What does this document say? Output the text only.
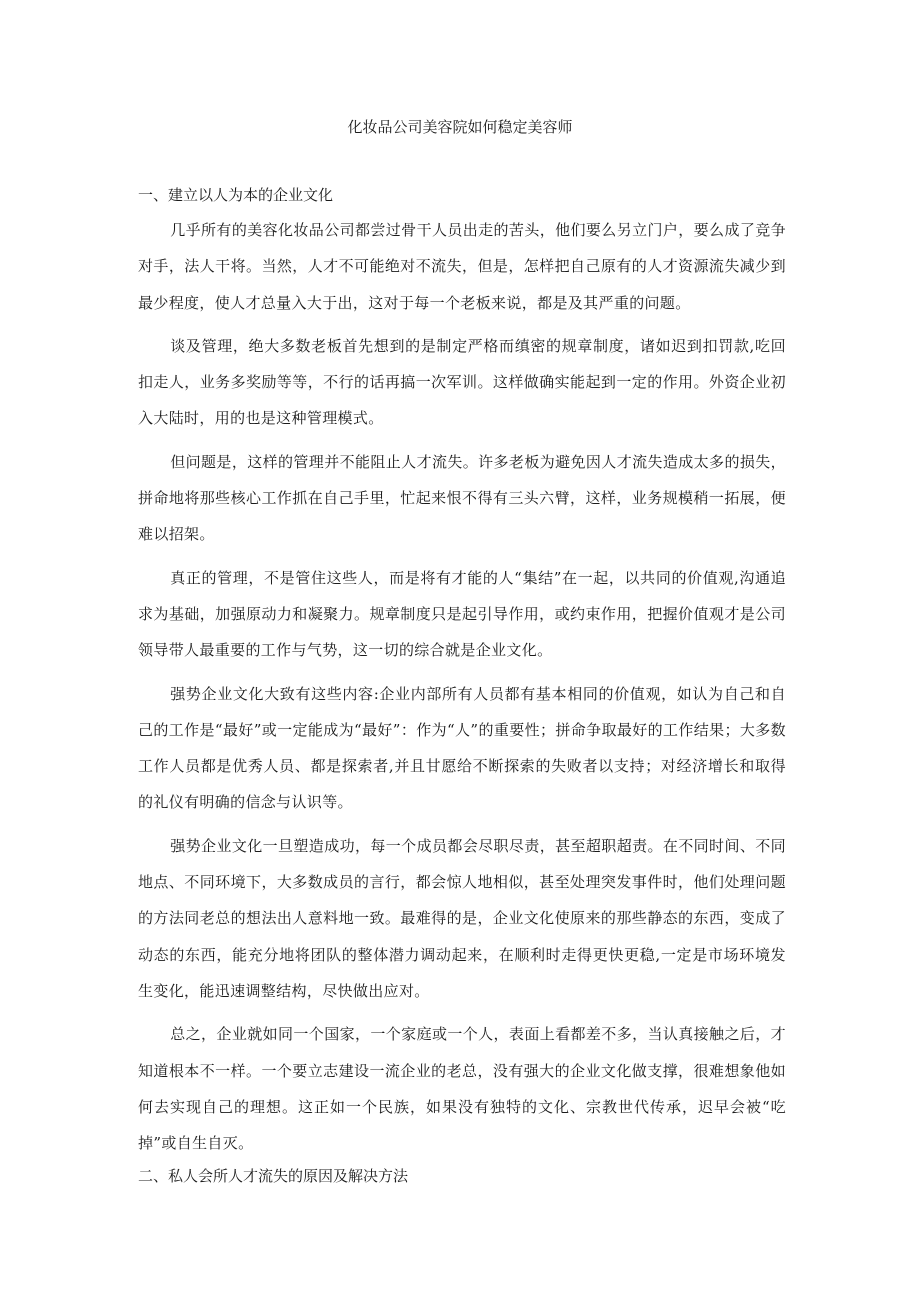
化妆品公司美容院如何稳定美容师
一、建立以人为本的企业文化

几乎所有的美容化妆品公司都尝过骨干人员出走的苦头，他们要么另立门户，要么成了竞争对手，法人干将。当然，人才不可能绝对不流失，但是，怎样把自己原有的人才资源流失减少到最少程度，使人才总量入大于出，这对于每一个老板来说，都是及其严重的问题。

谈及管理，绝大多数老板首先想到的是制定严格而缜密的规章制度，诸如迟到扣罚款,吃回扣走人，业务多奖励等等，不行的话再搞一次军训。这样做确实能起到一定的作用。外资企业初入大陆时，用的也是这种管理模式。

但问题是，这样的管理并不能阻止人才流失。许多老板为避免因人才流失造成太多的损失，拼命地将那些核心工作抓在自己手里，忙起来恨不得有三头六臂，这样，业务规模稍一拓展，便难以招架。

真正的管理，不是管住这些人，而是将有才能的人“集结”在一起，以共同的价值观,沟通追求为基础，加强原动力和凝聚力。规章制度只是起引导作用，或约束作用，把握价值观才是公司领导带人最重要的工作与气势，这一切的综合就是企业文化。

强势企业文化大致有这些内容:企业内部所有人员都有基本相同的价值观，如认为自己和自己的工作是“最好”或一定能成为“最好”：作为“人”的重要性；拼命争取最好的工作结果；大多数工作人员都是优秀人员、都是探索者,并且甘愿给不断探索的失败者以支持；对经济增长和取得的礼仪有明确的信念与认识等。

强势企业文化一旦塑造成功，每一个成员都会尽职尽责，甚至超职超责。在不同时间、不同地点、不同环境下，大多数成员的言行，都会惊人地相似，甚至处理突发事件时，他们处理问题的方法同老总的想法出人意料地一致。最难得的是，企业文化使原来的那些静态的东西，变成了动态的东西，能充分地将团队的整体潜力调动起来，在顺利时走得更快更稳,一定是市场环境发生变化，能迅速调整结构，尽快做出应对。

总之，企业就如同一个国家，一个家庭或一个人，表面上看都差不多，当认真接触之后，才知道根本不一样。一个要立志建设一流企业的老总，没有强大的企业文化做支撑，很难想象他如何去实现自己的理想。这正如一个民族，如果没有独特的文化、宗教世代传承，迟早会被“吃掉”或自生自灭。

二、私人会所人才流失的原因及解决方法
